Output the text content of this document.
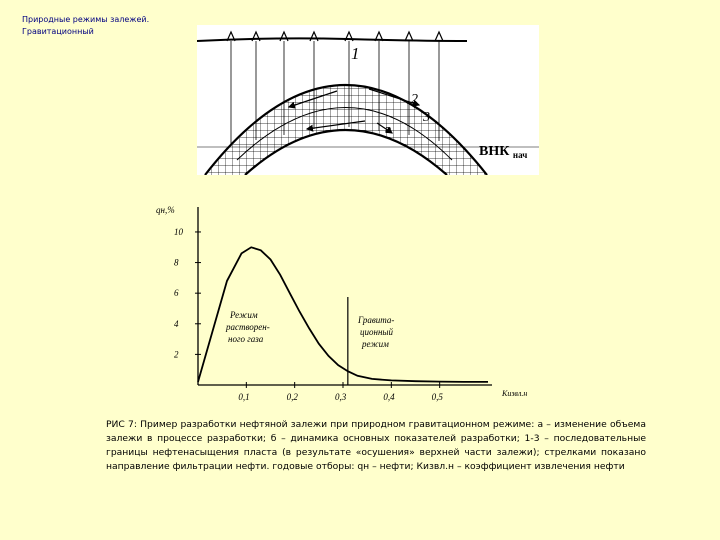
Природные режимы залежей.
Гравитационный
1
2
3
а
ВНК $_{нач}$
10
8
6
4
2
0,1	0,2	0,3	0,4	0,5
qн,%
Кизвл.н
Режим
растворен-
ного газа
Гравита-
ционный
режим
РИС 7: Пример разработки нефтяной залежи при природном гравитационном режиме: а – изменение объема залежи в процессе разработки; б – динамика основных показателей разработки; 1-3 – последовательные границы нефтенасыщения пласта (в результате «осушения» верхней части залежи); стрелками показано направление фильтрации нефти. годовые отборы: qн – нефти; Кизвл.н – коэффициент извлечения нефти
